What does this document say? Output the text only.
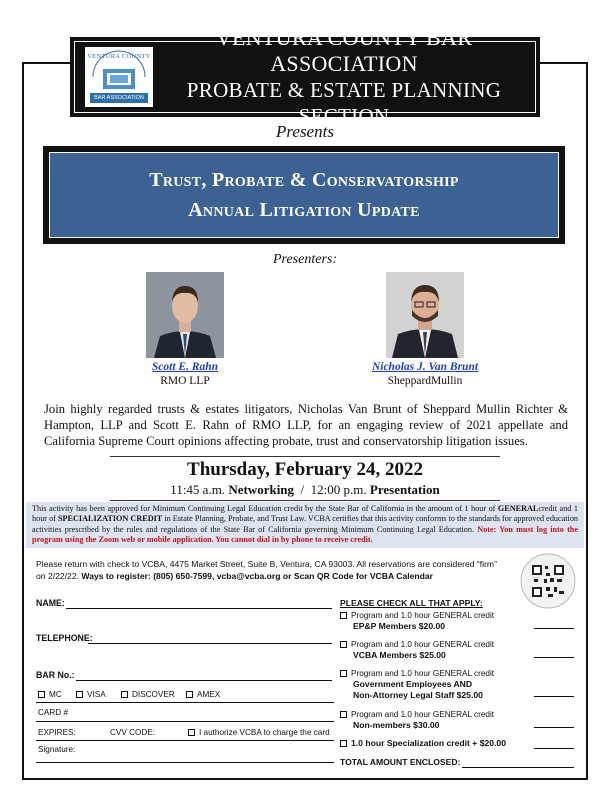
VENTURA COUNTY
BAR ASSOCIATION
VENTURA COUNTY BAR ASSOCIATION
PROBATE & ESTATE PLANNING SECTION
Presents
Trust, Probate & Conservatorship
Annual Litigation Update
Presenters:
Scott E. Rahn
RMO LLP
Nicholas J. Van Brunt
SheppardMullin
Join highly regarded trusts & estates litigators, Nicholas Van Brunt of Sheppard Mullin Richter & Hampton, LLP and Scott E. Rahn of RMO LLP, for an engaging review of 2021 appellate and California Supreme Court opinions affecting probate, trust and conservatorship litigation issues.
Thursday, February 24, 2022
11:45 a.m. Networking / 12:00 p.m. Presentation
This activity has been approved for Minimum Continuing Legal Education credit by the State Bar of California in the amount of 1 hour of GENERALcredit and 1 hour of SPECIALIZATION CREDIT in Estate Planning, Probate, and Trust Law. VCBA certifies that this activity conforms to the standards for approved education activities prescribed by the rules and regulations of the State Bar of California governing Minimum Continuing Legal Education. Note: You must log into the program using the Zoom web or mobile application. You cannot dial in by phone to receive credit.
Please return with check to VCBA, 4475 Market Street, Suite B, Ventura, CA 93003. All reservations are considered “firm” on 2/22/22. Ways to register: (805) 650-7599, vcba@vcba.org or Scan QR Code for VCBA Calendar
NAME:
TELEPHONE:
BAR No.:
MC	VISA	DISCOVER	AMEX
CARD #
EXPIRES:	CVV CODE:	I authorize VCBA to charge the card
Signature:
PLEASE CHECK ALL THAT APPLY:
Program and 1.0 hour GENERAL credit
EP&P Members $20.00
Program and 1.0 hour GENERAL credit
VCBA Members $25.00
Program and 1.0 hour GENERAL credit
Government Employees AND
Non-Attorney Legal Staff $25.00
Program and 1.0 hour GENERAL credit
Non-members $30.00
1.0 hour Specialization credit + $20.00
TOTAL AMOUNT ENCLOSED:
